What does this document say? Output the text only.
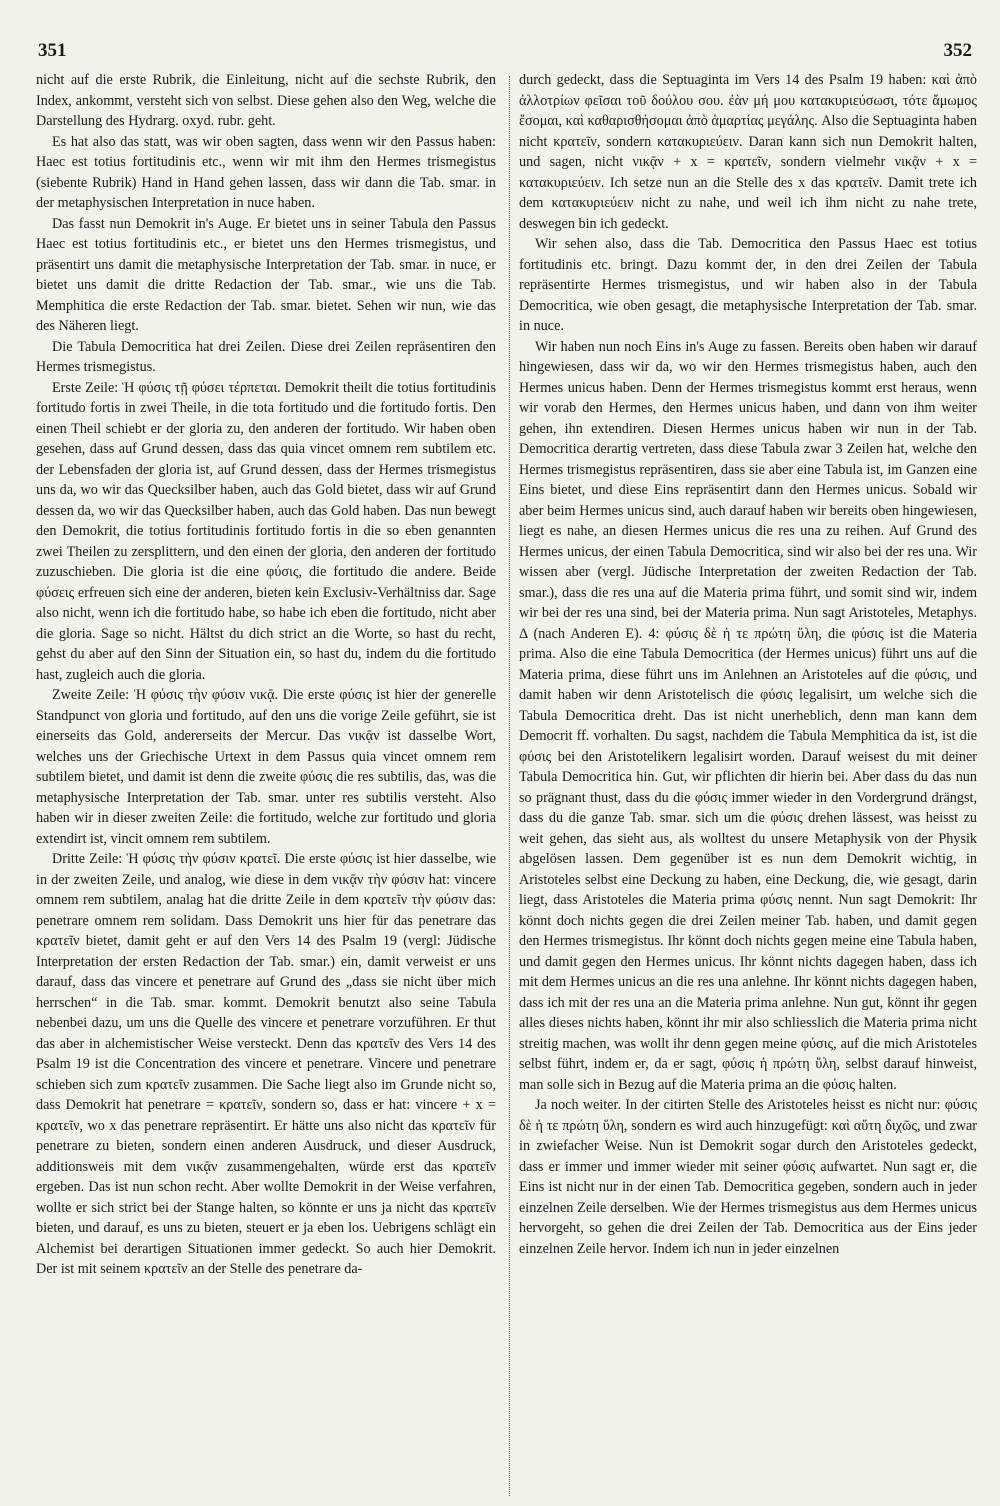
351	352

nicht auf die erste Rubrik, die Einleitung, nicht auf die sechste Rubrik, den Index, ankommt, versteht sich von selbst. Diese gehen also den Weg, welche die Darstellung des Hydrarg. oxyd. rubr. geht.

Es hat also das statt, was wir oben sagten, dass wenn wir den Passus haben: Haec est totius fortitudinis etc., wenn wir mit ihm den Hermes trismegistus (siebente Rubrik) Hand in Hand gehen lassen, dass wir dann die Tab. smar. in der metaphysischen Interpretation in nuce haben.

Das fasst nun Demokrit in's Auge. Er bietet uns in seiner Tabula den Passus Haec est totius fortitudinis etc., er bietet uns den Hermes trismegistus, und präsentirt uns damit die metaphysische Interpretation der Tab. smar. in nuce, er bietet uns damit die dritte Redaction der Tab. smar., wie uns die Tab. Memphitica die erste Redaction der Tab. smar. bietet. Sehen wir nun, wie das des Näheren liegt.

Die Tabula Democritica hat drei Zeilen. Diese drei Zeilen repräsentiren den Hermes trismegistus.

Erste Zeile: Ἡ φύσις τῇ φύσει τέρπεται. Demokrit theilt die totius fortitudinis fortitudo fortis in zwei Theile, in die tota fortitudo und die fortitudo fortis. Den einen Theil schiebt er der gloria zu, den anderen der fortitudo. Wir haben oben gesehen, dass auf Grund dessen, dass das quia vincet omnem rem subtilem etc. der Lebensfaden der gloria ist, auf Grund dessen, dass der Hermes trismegistus uns da, wo wir das Quecksilber haben, auch das Gold bietet, dass wir auf Grund dessen da, wo wir das Quecksilber haben, auch das Gold haben. Das nun bewegt den Demokrit, die totius fortitudinis fortitudo fortis in die so eben genannten zwei Theilen zu zersplittern, und den einen der gloria, den anderen der fortitudo zuzuschieben. Die gloria ist die eine φύσις, die fortitudo die andere. Beide φύσεις erfreuen sich eine der anderen, bieten kein Exclusiv-Verhältniss dar. Sage also nicht, wenn ich die fortitudo habe, so habe ich eben die fortitudo, nicht aber die gloria. Sage so nicht. Hältst du dich strict an die Worte, so hast du recht, gehst du aber auf den Sinn der Situation ein, so hast du, indem du die fortitudo hast, zugleich auch die gloria.

Zweite Zeile: Ἡ φύσις τὴν φύσιν νικᾷ. Die erste φύσις ist hier der generelle Standpunct von gloria und fortitudo, auf den uns die vorige Zeile geführt, sie ist einerseits das Gold, andererseits der Mercur. Das νικᾷν ist dasselbe Wort, welches uns der Griechische Urtext in dem Passus quia vincet omnem rem subtilem bietet, und damit ist denn die zweite φύσις die res subtilis, das, was die metaphysische Interpretation der Tab. smar. unter res subtilis versteht. Also haben wir in dieser zweiten Zeile: die fortitudo, welche zur fortitudo und gloria extendirt ist, vincit omnem rem subtilem.

Dritte Zeile: Ἡ φύσις τὴν φύσιν κρατεῖ. Die erste φύσις ist hier dasselbe, wie in der zweiten Zeile, und analog, wie diese in dem νικᾷν τὴν φύσιν hat: vincere omnem rem subtilem, analag hat die dritte Zeile in dem κρατεῖν τὴν φύσιν das: penetrare omnem rem solidam. Dass Demokrit uns hier für das penetrare das κρατεῖν bietet, damit geht er auf den Vers 14 des Psalm 19 (vergl: Jüdische Interpretation der ersten Redaction der Tab. smar.) ein, damit verweist er uns darauf, dass das vincere et penetrare auf Grund des „dass sie nicht über mich herrschen“ in die Tab. smar. kommt. Demokrit benutzt also seine Tabula nebenbei dazu, um uns die Quelle des vincere et penetrare vorzuführen. Er thut das aber in alchemistischer Weise versteckt. Denn das κρατεῖν des Vers 14 des Psalm 19 ist die Concentration des vincere et penetrare. Vincere und penetrare schieben sich zum κρατεῖν zusammen. Die Sache liegt also im Grunde nicht so, dass Demokrit hat penetrare = κρατεῖν, sondern so, dass er hat: vincere + x = κρατεῖν, wo x das penetrare repräsentirt. Er hätte uns also nicht das κρατεῖν für penetrare zu bieten, sondern einen anderen Ausdruck, und dieser Ausdruck, additionsweis mit dem νικᾷν zusammengehalten, würde erst das κρατεῖν ergeben. Das ist nun schon recht. Aber wollte Demokrit in der Weise verfahren, wollte er sich strict bei der Stange halten, so könnte er uns ja nicht das κρατεῖν bieten, und darauf, es uns zu bieten, steuert er ja eben los. Uebrigens schlägt ein Alchemist bei derartigen Situationen immer gedeckt. So auch hier Demokrit. Der ist mit seinem κρατεῖν an der Stelle des penetrare da-

durch gedeckt, dass die Septuaginta im Vers 14 des Psalm 19 haben: καὶ ἀπὸ ἀλλοτρίων φεῖσαι τοῦ δούλου σου. ἐὰν μή μου κατακυριεύσωσι, τότε ἄμωμος ἔσομαι, καὶ καθαρισθήσομαι ἀπὸ ἁμαρτίας μεγάλης. Also die Septuaginta haben nicht κρατεῖν, sondern κατακυριεύειν. Daran kann sich nun Demokrit halten, und sagen, nicht νικᾷν + x = κρατεῖν, sondern vielmehr νικᾷν + x = κατακυριεύειν. Ich setze nun an die Stelle des x das κρατεῖν. Damit trete ich dem κατακυριεύειν nicht zu nahe, und weil ich ihm nicht zu nahe trete, deswegen bin ich gedeckt.

Wir sehen also, dass die Tab. Democritica den Passus Haec est totius fortitudinis etc. bringt. Dazu kommt der, in den drei Zeilen der Tabula repräsentirte Hermes trismegistus, und wir haben also in der Tabula Democritica, wie oben gesagt, die metaphysische Interpretation der Tab. smar. in nuce.

Wir haben nun noch Eins in's Auge zu fassen. Bereits oben haben wir darauf hingewiesen, dass wir da, wo wir den Hermes trismegistus haben, auch den Hermes unicus haben. Denn der Hermes trismegistus kommt erst heraus, wenn wir vorab den Hermes, den Hermes unicus haben, und dann von ihm weiter gehen, ihn extendiren. Diesen Hermes unicus haben wir nun in der Tab. Democritica derartig vertreten, dass diese Tabula zwar 3 Zeilen hat, welche den Hermes trismegistus repräsentiren, dass sie aber eine Tabula ist, im Ganzen eine Eins bietet, und diese Eins repräsentirt dann den Hermes unicus. Sobald wir aber beim Hermes unicus sind, auch darauf haben wir bereits oben hingewiesen, liegt es nahe, an diesen Hermes unicus die res una zu reihen. Auf Grund des Hermes unicus, der einen Tabula Democritica, sind wir also bei der res una. Wir wissen aber (vergl. Jüdische Interpretation der zweiten Redaction der Tab. smar.), dass die res una auf die Materia prima führt, und somit sind wir, indem wir bei der res una sind, bei der Materia prima. Nun sagt Aristoteles, Metaphys. Δ (nach Anderen E). 4: φύσις δὲ ἡ τε πρώτη ὕλη, die φύσις ist die Materia prima. Also die eine Tabula Democritica (der Hermes unicus) führt uns auf die Materia prima, diese führt uns im Anlehnen an Aristoteles auf die φύσις, und damit haben wir denn Aristotelisch die φύσις legalisirt, um welche sich die Tabula Democritica dreht. Das ist nicht unerheblich, denn man kann dem Democrit ff. vorhalten. Du sagst, nachdem die Tabula Memphitica da ist, ist die φύσις bei den Aristotelikern legalisirt worden. Darauf weisest du mit deiner Tabula Democritica hin. Gut, wir pflichten dir hierin bei. Aber dass du das nun so prägnant thust, dass du die φύσις immer wieder in den Vordergrund drängst, dass du die ganze Tab. smar. sich um die φύσις drehen lässest, was heisst zu weit gehen, das sieht aus, als wolltest du unsere Metaphysik von der Physik abgelösen lassen. Dem gegenüber ist es nun dem Demokrit wichtig, in Aristoteles selbst eine Deckung zu haben, eine Deckung, die, wie gesagt, darin liegt, dass Aristoteles die Materia prima φύσις nennt. Nun sagt Demokrit: Ihr könnt doch nichts gegen die drei Zeilen meiner Tab. haben, und damit gegen den Hermes trismegistus. Ihr könnt doch nichts gegen meine eine Tabula haben, und damit gegen den Hermes unicus. Ihr könnt nichts dagegen haben, dass ich mit dem Hermes unicus an die res una anlehne. Ihr könnt nichts dagegen haben, dass ich mit der res una an die Materia prima anlehne. Nun gut, könnt ihr gegen alles dieses nichts haben, könnt ihr mir also schliesslich die Materia prima nicht streitig machen, was wollt ihr denn gegen meine φύσις, auf die mich Aristoteles selbst führt, indem er, da er sagt, φύσις ἡ πρώτη ὕλη, selbst darauf hinweist, man solle sich in Bezug auf die Materia prima an die φύσις halten.

Ja noch weiter. In der citirten Stelle des Aristoteles heisst es nicht nur: φύσις δὲ ἡ τε πρώτη ὕλη, sondern es wird auch hinzugefügt: καὶ αὕτη διχῶς, und zwar in zwiefacher Weise. Nun ist Demokrit sogar durch den Aristoteles gedeckt, dass er immer und immer wieder mit seiner φύσις aufwartet. Nun sagt er, die Eins ist nicht nur in der einen Tab. Democritica gegeben, sondern auch in jeder einzelnen Zeile derselben. Wie der Hermes trismegistus aus dem Hermes unicus hervorgeht, so gehen die drei Zeilen der Tab. Democritica aus der Eins jeder einzelnen Zeile hervor. Indem ich nun in jeder einzelnen
